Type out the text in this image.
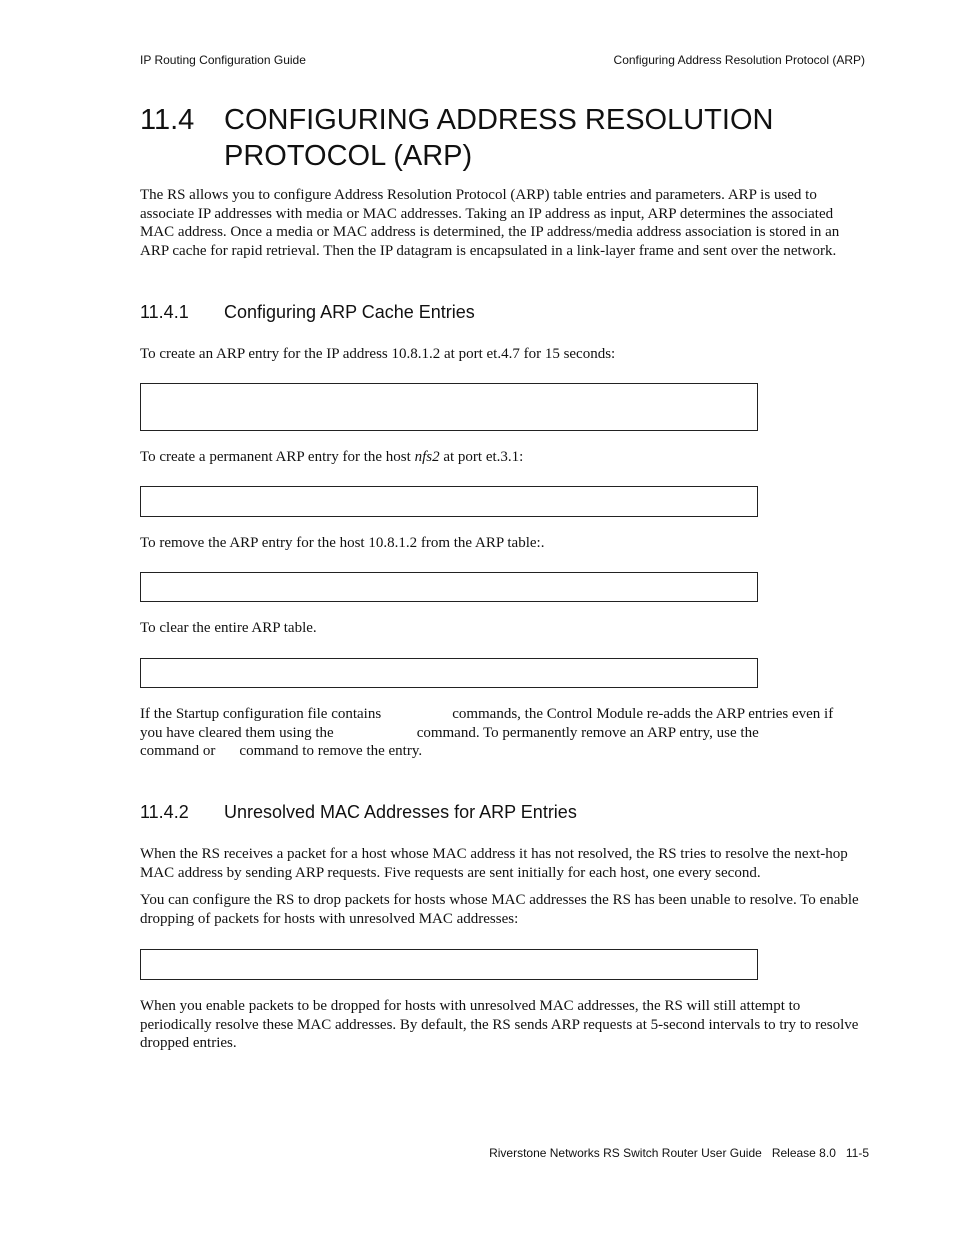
IP Routing Configuration Guide	Configuring Address Resolution Protocol (ARP)
11.4	CONFIGURING ADDRESS RESOLUTION
PROTOCOL (ARP)

The RS allows you to configure Address Resolution Protocol (ARP) table entries and parameters. ARP is used to associate IP addresses with media or MAC addresses. Taking an IP address as input, ARP determines the associated MAC address. Once a media or MAC address is determined, the IP address/media address association is stored in an ARP cache for rapid retrieval. Then the IP datagram is encapsulated in a link-layer frame and sent over the network.

11.4.1	Configuring ARP Cache Entries

To create an ARP entry for the IP address 10.8.1.2 at port et.4.7 for 15 seconds:

To create a permanent ARP entry for the host nfs2 at port et.3.1:

To remove the ARP entry for the host 10.8.1.2 from the ARP table:.

To clear the entire ARP table.

If the Startup configuration file contains	commands, the Control Module re-adds the ARP entries even if
you have cleared them using the	command. To permanently remove an ARP entry, use the
command or command to remove the entry.
11.4.2	Unresolved MAC Addresses for ARP Entries

When the RS receives a packet for a host whose MAC address it has not resolved, the RS tries to resolve the next-hop MAC address by sending ARP requests. Five requests are sent initially for each host, one every second.

You can configure the RS to drop packets for hosts whose MAC addresses the RS has been unable to resolve. To enable dropping of packets for hosts with unresolved MAC addresses:

When you enable packets to be dropped for hosts with unresolved MAC addresses, the RS will still attempt to periodically resolve these MAC addresses. By default, the RS sends ARP requests at 5-second intervals to try to resolve dropped entries.

Riverstone Networks RS Switch Router User Guide   Release 8.0   11-5
